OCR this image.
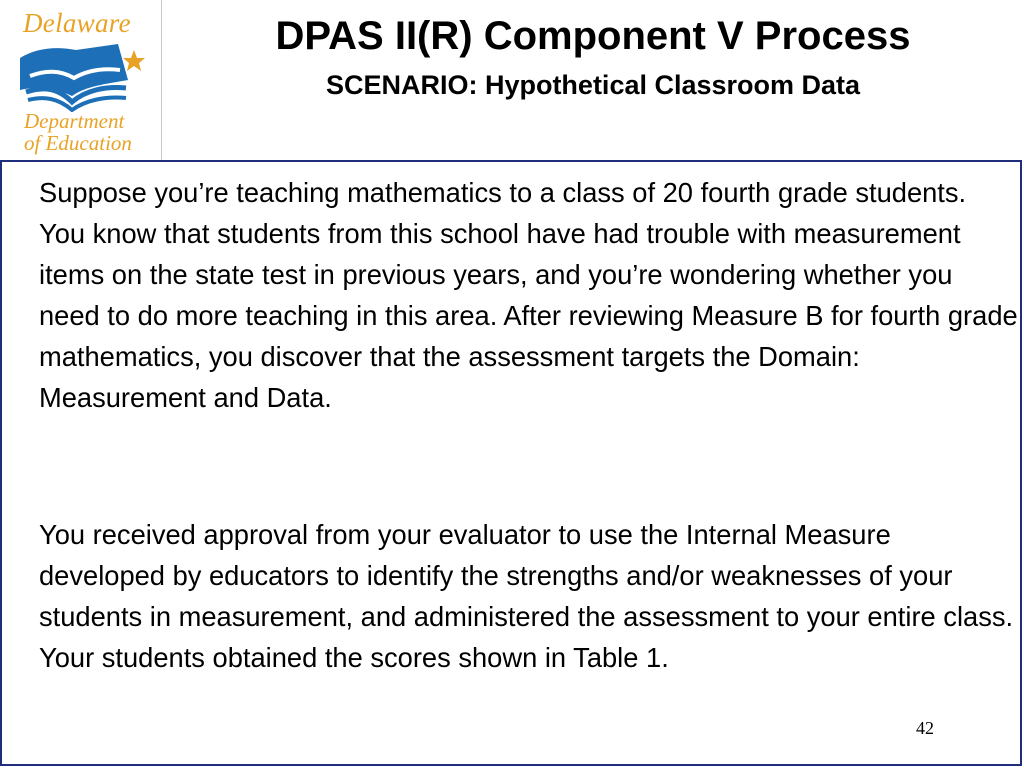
Delaware
Department
of Education
DPAS II(R) Component V Process
SCENARIO: Hypothetical Classroom Data

Suppose you’re teaching mathematics to a class of 20 fourth grade students. You know that students from this school have had trouble with measurement items on the state test in previous years, and you’re wondering whether you need to do more teaching in this area. After reviewing Measure B for fourth grade mathematics, you discover that the assessment targets the Domain: Measurement and Data.

You received approval from your evaluator to use the Internal Measure developed by educators to identify the strengths and/or weaknesses of your students in measurement, and administered the assessment to your entire class. Your students obtained the scores shown in Table 1.

42
